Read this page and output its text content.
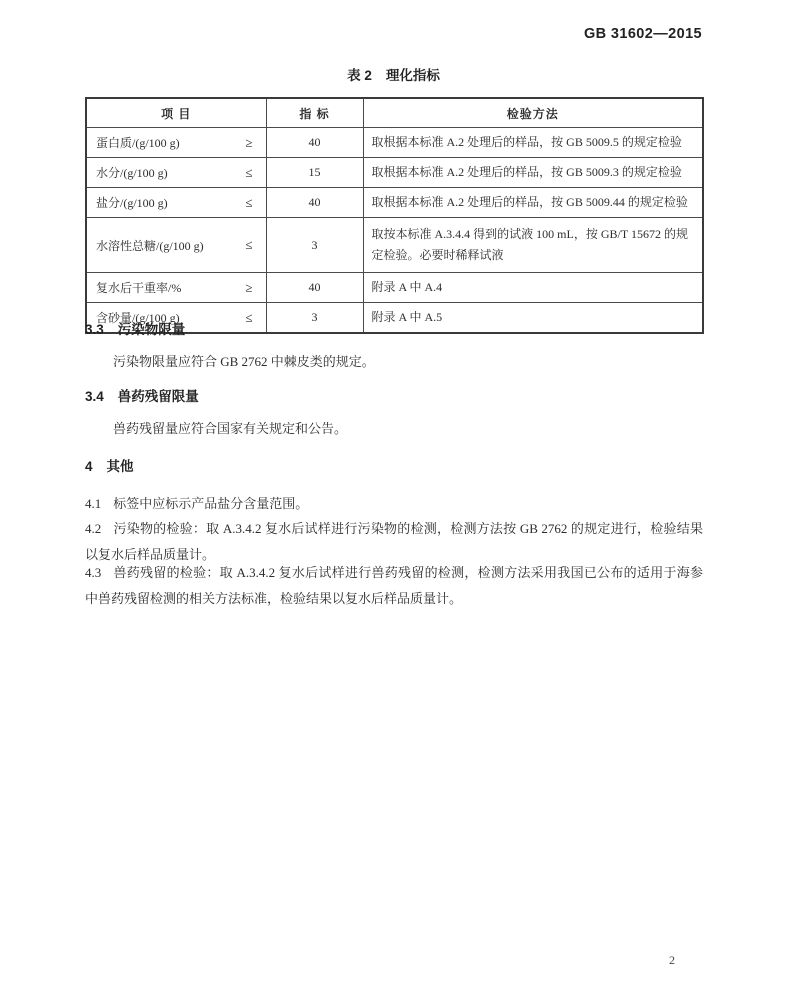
GB 31602—2015
表 2 理化指标
项 目	指 标	检验方法

蛋白质/(g/100 g) ≥	40	取根据本标准 A.2 处理后的样品，按 GB 5009.5 的规定检验

水分/(g/100 g) ≤	15	取根据本标准 A.2 处理后的样品，按 GB 5009.3 的规定检验

盐分/(g/100 g) ≤	40	取根据本标准 A.2 处理后的样品，按 GB 5009.44 的规定检验

水溶性总糖/(g/100 g) ≤	3	取按本标准 A.3.4.4 得到的试液 100 mL，按 GB/T 15672 的规定检验。必要时稀释试液

复水后干重率/% ≥	40	附录 A 中 A.4

含砂量/(g/100 g) ≤	3	附录 A 中 A.5
3.3 污染物限量
污染物限量应符合 GB 2762 中棘皮类的规定。
3.4 兽药残留限量
兽药残留量应符合国家有关规定和公告。
4 其他
4.1 标签中应标示产品盐分含量范围。
4.2 污染物的检验：取 A.3.4.2 复水后试样进行污染物的检测，检测方法按 GB 2762 的规定进行，检验结果以复水后样品质量计。
4.3 兽药残留的检验：取 A.3.4.2 复水后试样进行兽药残留的检测，检测方法采用我国已公布的适用于海参中兽药残留检测的相关方法标准，检验结果以复水后样品质量计。
2
